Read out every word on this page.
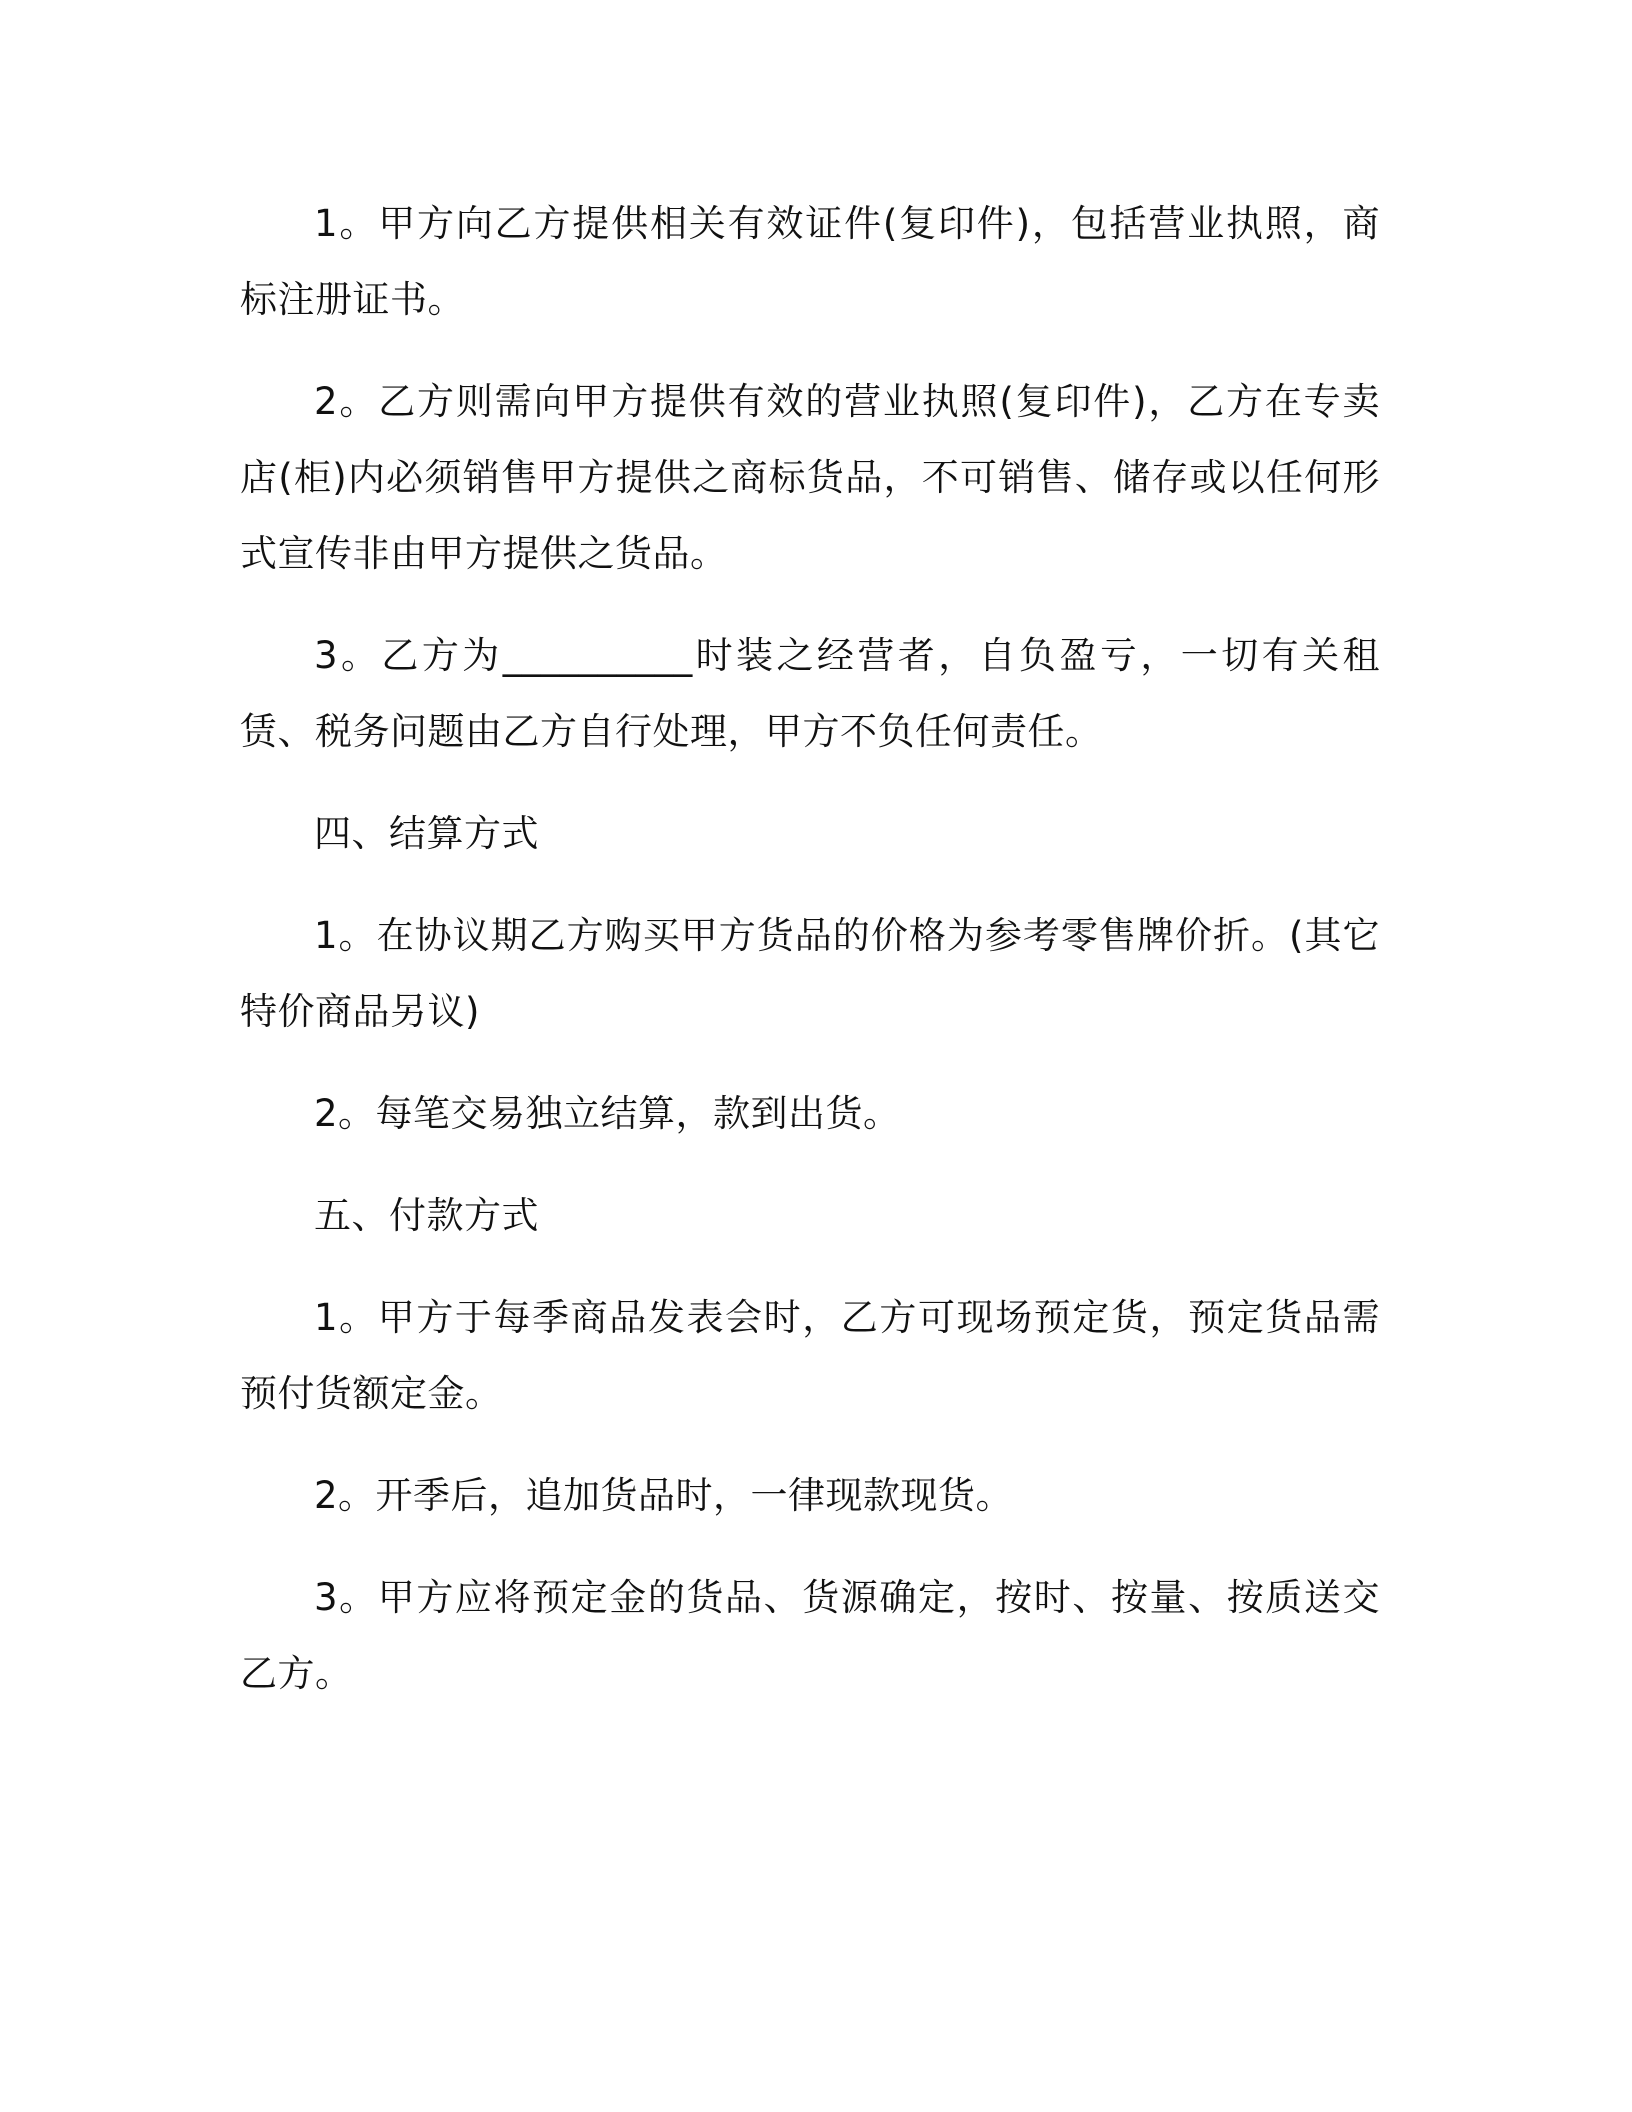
1。甲方向乙方提供相关有效证件(复印件)，包括营业执照，商标注册证书。

2。乙方则需向甲方提供有效的营业执照(复印件)，乙方在专卖店(柜)内必须销售甲方提供之商标货品，不可销售、储存或以任何形式宣传非由甲方提供之货品。

3。乙方为__________时装之经营者，自负盈亏，一切有关租赁、税务问题由乙方自行处理，甲方不负任何责任。

四、结算方式

1。在协议期乙方购买甲方货品的价格为参考零售牌价折。(其它特价商品另议)

2。每笔交易独立结算，款到出货。

五、付款方式

1。甲方于每季商品发表会时，乙方可现场预定货，预定货品需预付货额定金。

2。开季后，追加货品时，一律现款现货。

3。甲方应将预定金的货品、货源确定，按时、按量、按质送交乙方。
